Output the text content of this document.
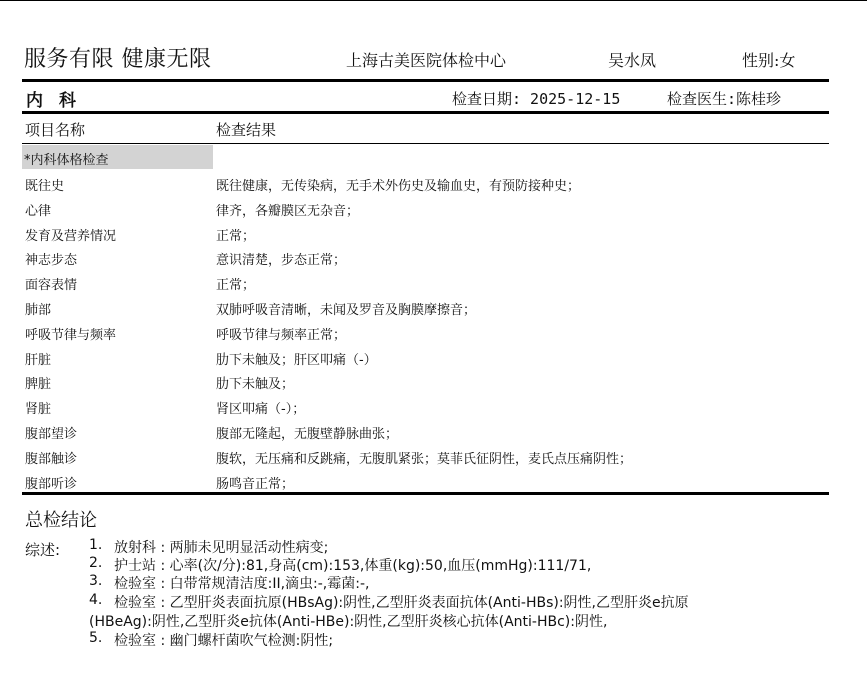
服务有限 健康无限	上海古美医院体检中心	吴水凤	性别:女
内科	检查日期: 2025-12-15	检查医生:陈桂珍
项目名称	检查结果
*内科体格检查
既往史	既往健康，无传染病，无手术外伤史及输血史，有预防接种史；
心律	律齐，各瓣膜区无杂音；
发育及营养情况	正常；
神志步态	意识清楚，步态正常；
面容表情	正常；
肺部	双肺呼吸音清晰，未闻及罗音及胸膜摩擦音；
呼吸节律与频率	呼吸节律与频率正常；
肝脏	肋下未触及；肝区叩痛（-）
脾脏	肋下未触及；
肾脏	肾区叩痛（-）；
腹部望诊	腹部无隆起，无腹壁静脉曲张；
腹部触诊	腹软，无压痛和反跳痛，无腹肌紧张；莫菲氏征阴性，麦氏点压痛阴性；
腹部听诊	肠鸣音正常；
总检结论
综述: 1. 放射科 : 两肺未见明显活动性病变;
2. 护士站 : 心率(次/分):81,身高(cm):153,体重(kg):50,血压(mmHg):111/71,
3. 检验室 : 白带常规清洁度:II,滴虫:-,霉菌:-,
4. 检验室 : 乙型肝炎表面抗原(HBsAg):阴性,乙型肝炎表面抗体(Anti-HBs):阴性,乙型肝炎e抗原
(HBeAg):阴性,乙型肝炎e抗体(Anti-HBe):阴性,乙型肝炎核心抗体(Anti-HBc):阴性,
5. 检验室 : 幽门螺杆菌吹气检测:阴性;
